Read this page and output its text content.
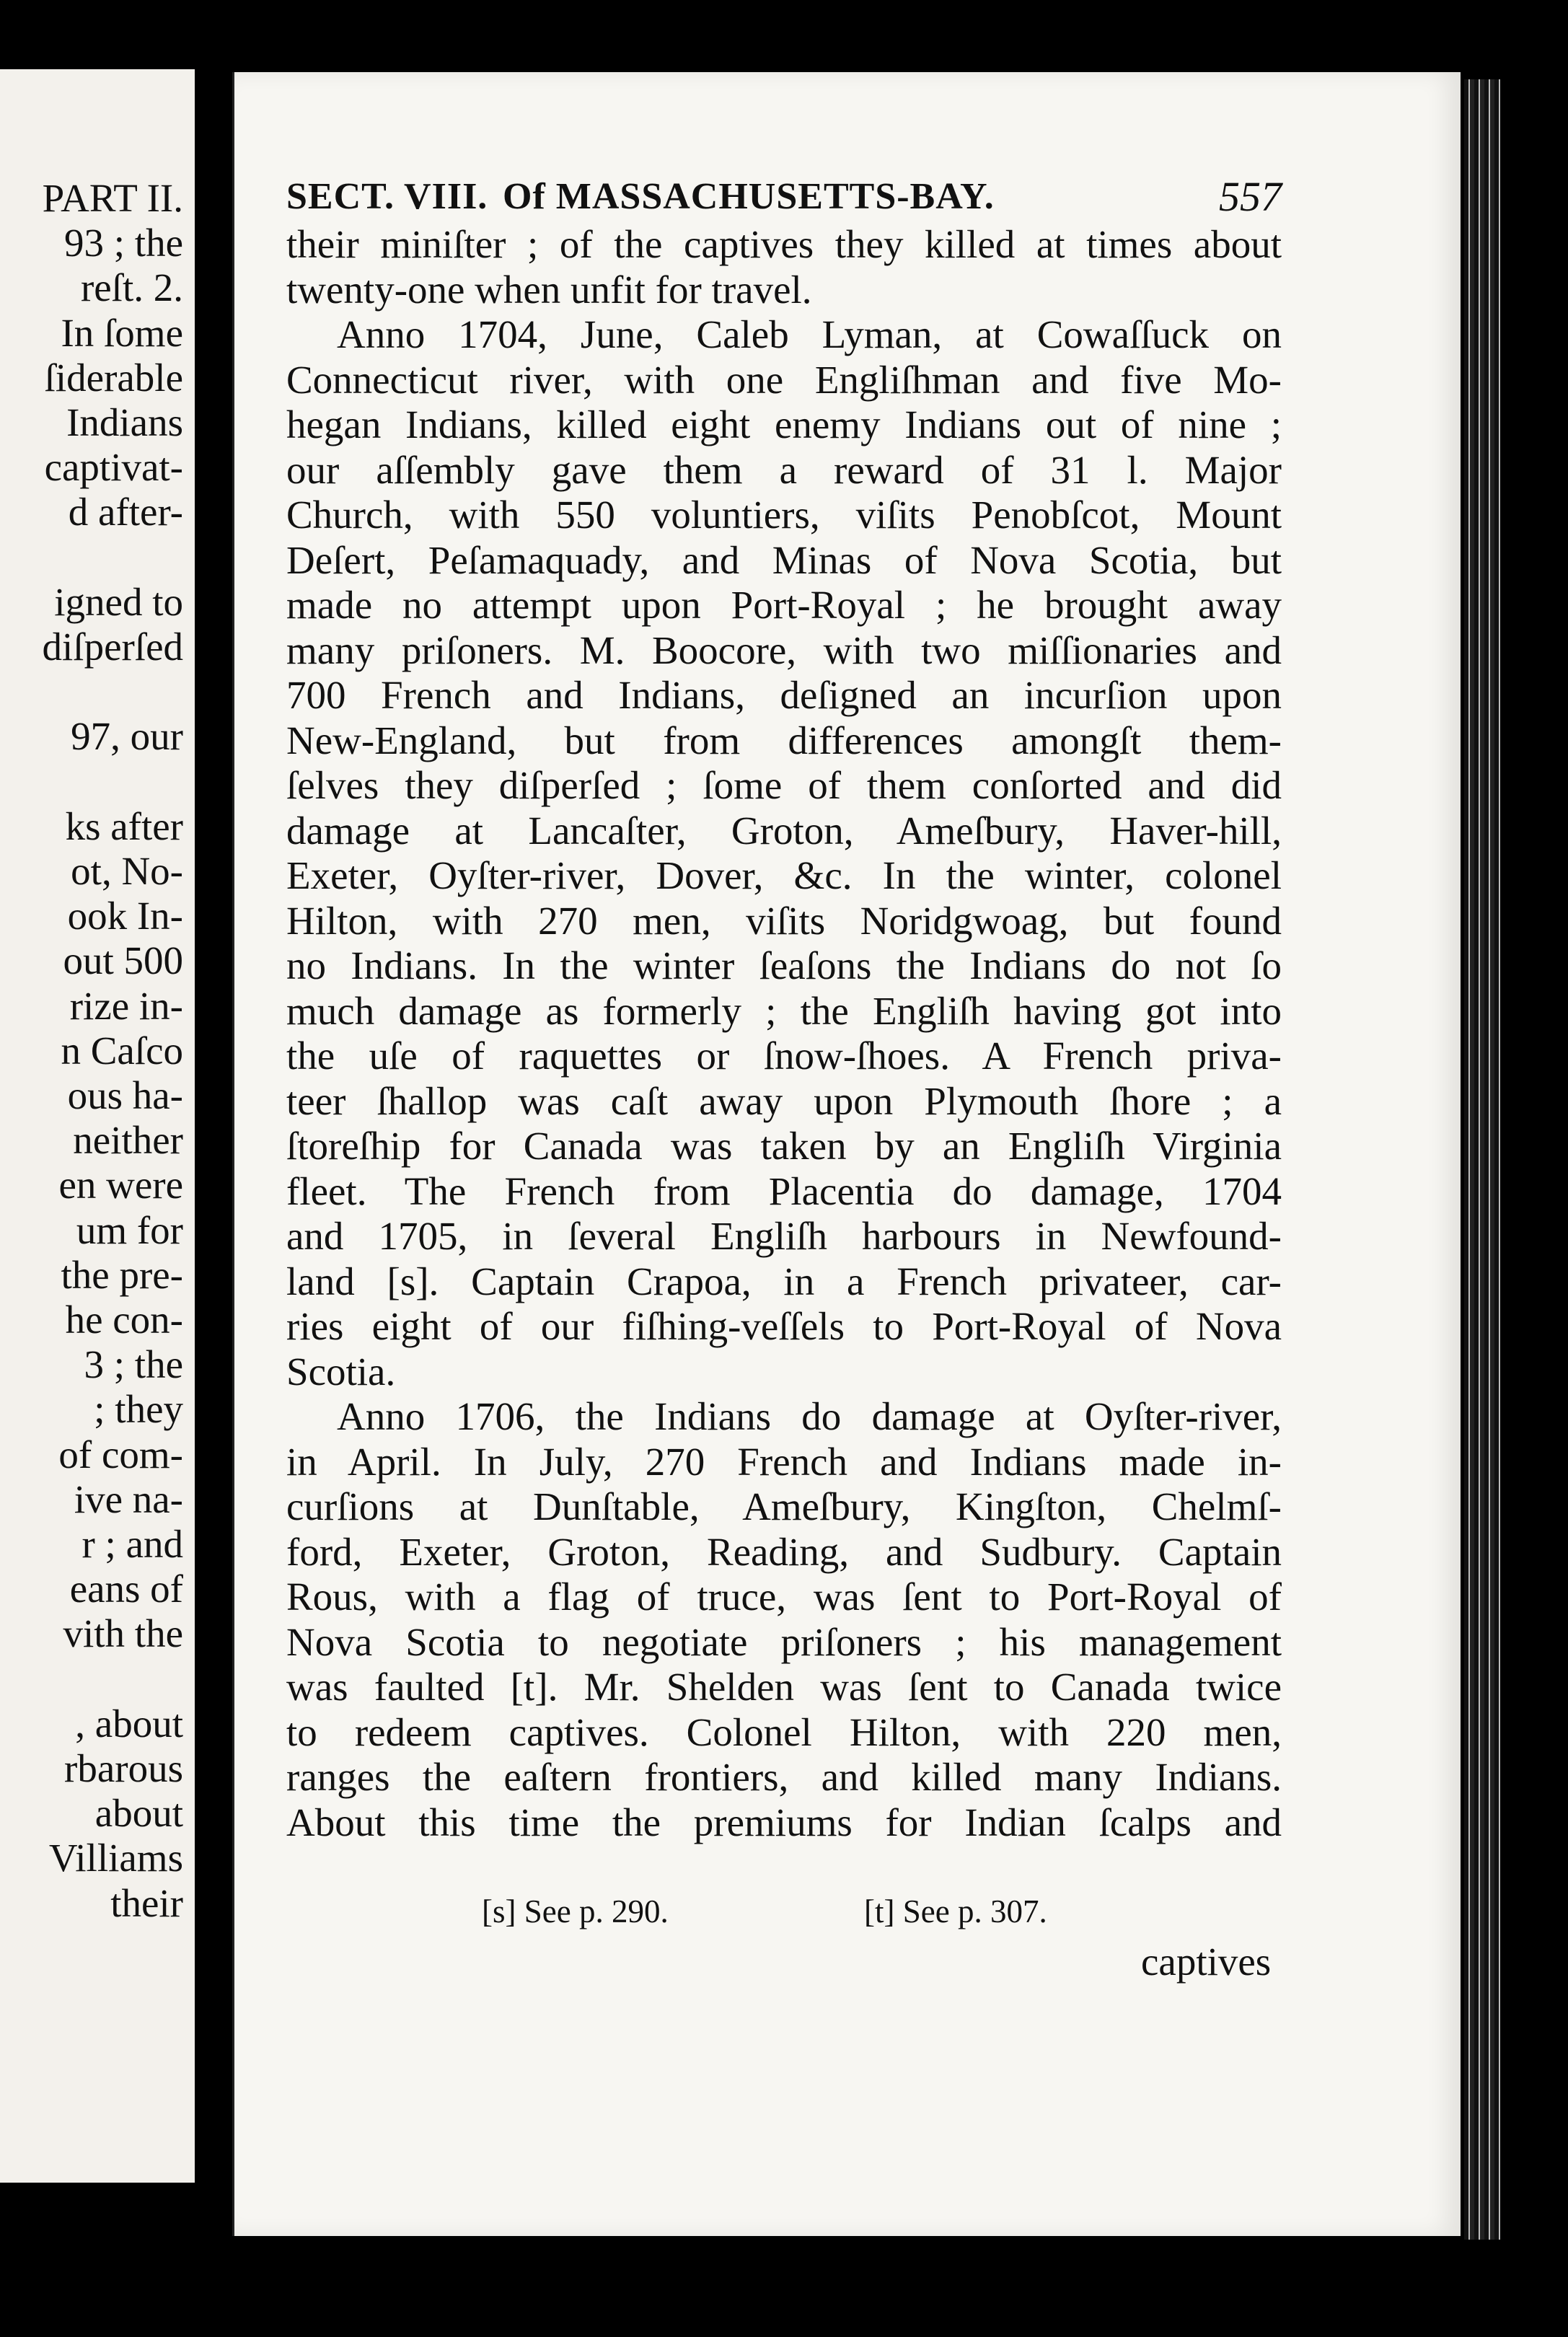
PART II.
93 ; the
reſt. 2.
In ſome
ſiderable
Indians
captivat-
d after-
igned to
diſperſed
97, our
ks after
ot, No-
ook In-
out 500
rize in-
n Caſco
ous ha-
neither
en were
um for
the pre-
he con-
3 ; the
; they
of com-
ive na-
r ; and
eans of
vith the
, about
rbarous
about
Villiams
their
SECT. VIII. Of MASSACHUSETTS-BAY.	557
their miniſter ; of the captives they killed at times about
twenty-one when unfit for travel.
Anno 1704, June, Caleb Lyman, at Cowaſſuck on
Connecticut river, with one Engliſhman and five Mo-
hegan Indians, killed eight enemy Indians out of nine ;
our aſſembly gave them a reward of 31 l. Major
Church, with 550 voluntiers, viſits Penobſcot, Mount
Deſert, Peſamaquady, and Minas of Nova Scotia, but
made no attempt upon Port-Royal ; he brought away
many priſoners. M. Boocore, with two miſſionaries and
700 French and Indians, deſigned an incurſion upon
New-England, but from differences amongſt them-
ſelves they diſperſed ; ſome of them conſorted and did
damage at Lancaſter, Groton, Ameſbury, Haver-hill,
Exeter, Oyſter-river, Dover, &c. In the winter, colonel
Hilton, with 270 men, viſits Noridgwoag, but found
no Indians. In the winter ſeaſons the Indians do not ſo
much damage as formerly ; the Engliſh having got into
the uſe of raquettes or ſnow-ſhoes. A French priva-
teer ſhallop was caſt away upon Plymouth ſhore ; a
ſtoreſhip for Canada was taken by an Engliſh Virginia
fleet. The French from Placentia do damage, 1704
and 1705, in ſeveral Engliſh harbours in Newfound-
land [s]. Captain Crapoa, in a French privateer, car-
ries eight of our fiſhing-veſſels to Port-Royal of Nova
Scotia.
Anno 1706, the Indians do damage at Oyſter-river,
in April. In July, 270 French and Indians made in-
curſions at Dunſtable, Ameſbury, Kingſton, Chelmſ-
ford, Exeter, Groton, Reading, and Sudbury. Captain
Rous, with a flag of truce, was ſent to Port-Royal of
Nova Scotia to negotiate priſoners ; his management
was faulted [t]. Mr. Shelden was ſent to Canada twice
to redeem captives. Colonel Hilton, with 220 men,
ranges the eaſtern frontiers, and killed many Indians.
About this time the premiums for Indian ſcalps and
[s] See p. 290.	[t] See p. 307.
captives
